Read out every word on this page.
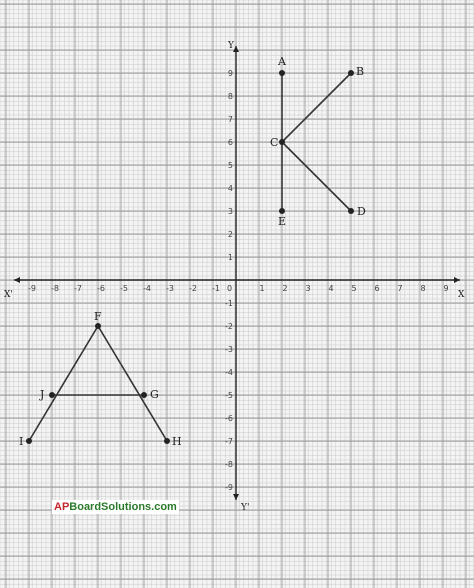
X'	X
Y
Y'
0	1 2 3 4 5 6 7 8 9
-1
-2
-3
-4
-5
-6
-7
-8
-9
1
2
3
4
5
6
7
8
9
-1
-2
-3
-4
-5
-6
-7
-8
-9
A
B
C
D
E
F
G
H
J
I
APBoardSolutions.com
